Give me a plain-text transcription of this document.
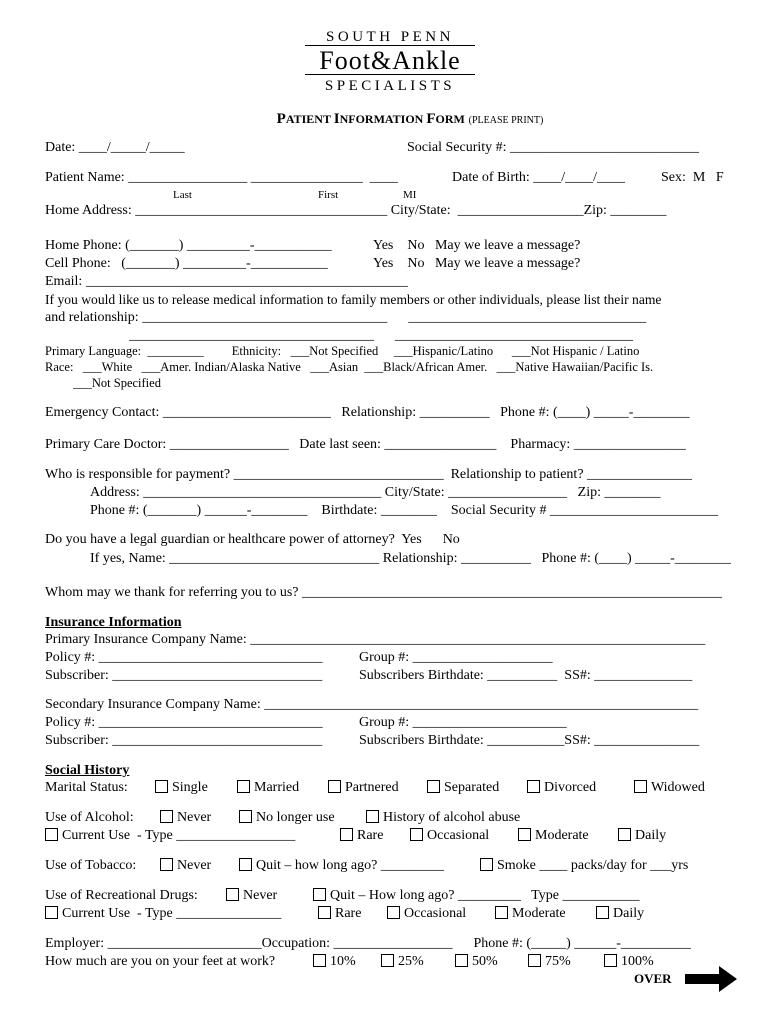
SOUTH PENN
Foot&Ankle
SPECIALISTS
PATIENT INFORMATION FORM (PLEASE PRINT)
Date: ____/_____/_____	Social Security #: ___________________________
Patient Name: _________________ ________________  ____	Date of Birth: ____/____/____	Sex:  M   F
Last	First	MI
Home Address: ____________________________________ City/State:  __________________Zip: ________
Home Phone: (_______) _________-___________	Yes    No   May we leave a message?
Cell Phone:   (_______) _________-___________	Yes    No   May we leave a message?
Email: ______________________________________________
If you would like us to release medical information to family members or other individuals, please list their name
and relationship: ___________________________________      __________________________________
___________________________________      __________________________________
Primary Language:  _________         Ethnicity:   ___Not Specified     ___Hispanic/Latino      ___Not Hispanic / Latino
Race:   ___White   ___Amer. Indian/Alaska Native   ___Asian  ___Black/African Amer.   ___Native Hawaiian/Pacific Is.
___Not Specified
Emergency Contact: ________________________   Relationship: __________   Phone #: (____) _____-________
Primary Care Doctor: _________________   Date last seen: ________________    Pharmacy: ________________
Who is responsible for payment? ______________________________  Relationship to patient? _______________
Address: __________________________________ City/State: _________________   Zip: ________
Phone #: (_______) ______-________    Birthdate: ________    Social Security # ________________________
Do you have a legal guardian or healthcare power of attorney?  Yes      No
If yes, Name: ______________________________ Relationship: __________   Phone #: (____) _____-________
Whom may we thank for referring you to us? ____________________________________________________________
Insurance Information
Primary Insurance Company Name: _________________________________________________________________
Policy #: ________________________________	Group #: ____________________
Subscriber: ______________________________	Subscribers Birthdate: __________  SS#: ______________
Secondary Insurance Company Name: ______________________________________________________________
Policy #: ________________________________	Group #: ______________________
Subscriber: ______________________________	Subscribers Birthdate: ___________SS#: _______________
Social History
Marital Status:	Single	Married	Partnered	Separated	Divorced	Widowed
Use of Alcohol:	Never	No longer use	History of alcohol abuse
Current Use  - Type _________________	Rare	Occasional	Moderate	Daily
Use of Tobacco:	Never	Quit – how long ago? _________	Smoke ____ packs/day for ___yrs
Use of Recreational Drugs:	Never	Quit – How long ago? _________   Type ___________
Current Use  - Type _______________	Rare	Occasional	Moderate	Daily
Employer: ______________________Occupation: _________________      Phone #: (_____) ______-__________
How much are you on your feet at work?	10%	25%	50%	75%	100%
OVER
